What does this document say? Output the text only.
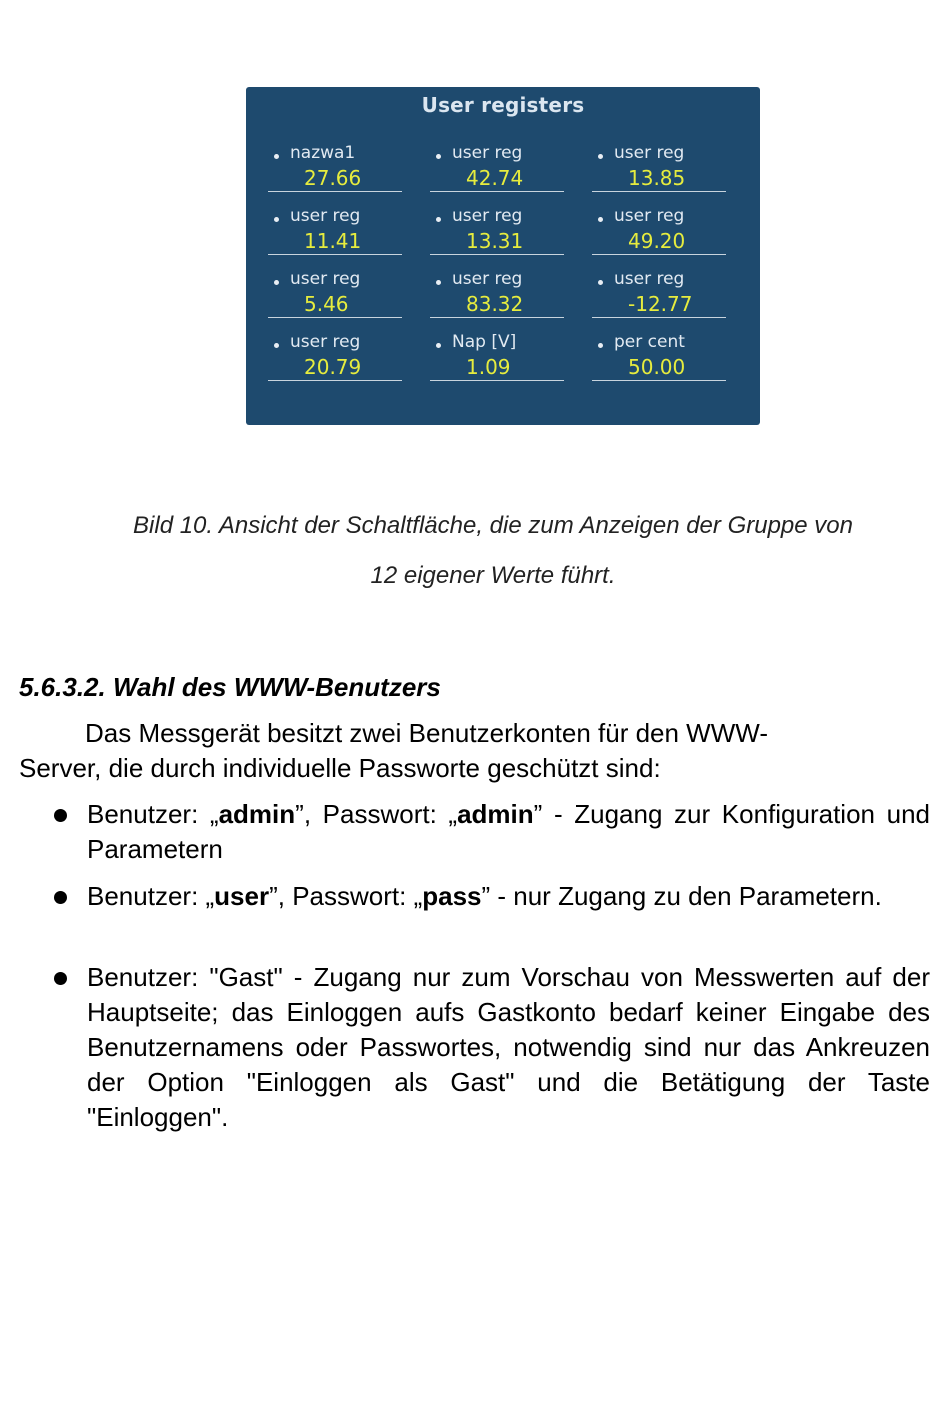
User registers
nazwa1
27.66
user reg
42.74
user reg
13.85
user reg
11.41
user reg
13.31
user reg
49.20
user reg
5.46
user reg
83.32
user reg
-12.77
user reg
20.79
Nap [V]
1.09
per cent
50.00
Bild 10. Ansicht der Schaltfläche, die zum Anzeigen der Gruppe von
12 eigener Werte führt.
5.6.3.2. Wahl des WWW-Benutzers
Das Messgerät besitzt zwei Benutzerkonten für den WWW-
Server, die durch individuelle Passworte geschützt sind:
Benutzer: „admin”, Passwort: „admin” - Zugang zur Konfiguration und Parametern
Benutzer: „user”, Passwort: „pass” - nur Zugang zu den Parametern.
Benutzer: "Gast" - Zugang nur zum Vorschau von Messwerten auf der Hauptseite; das Einloggen aufs Gastkonto bedarf keiner Eingabe des Benutzernamens oder Passwortes, notwendig sind nur das Ankreuzen der Option "Einloggen als Gast" und die Betätigung der Taste "Einloggen".
